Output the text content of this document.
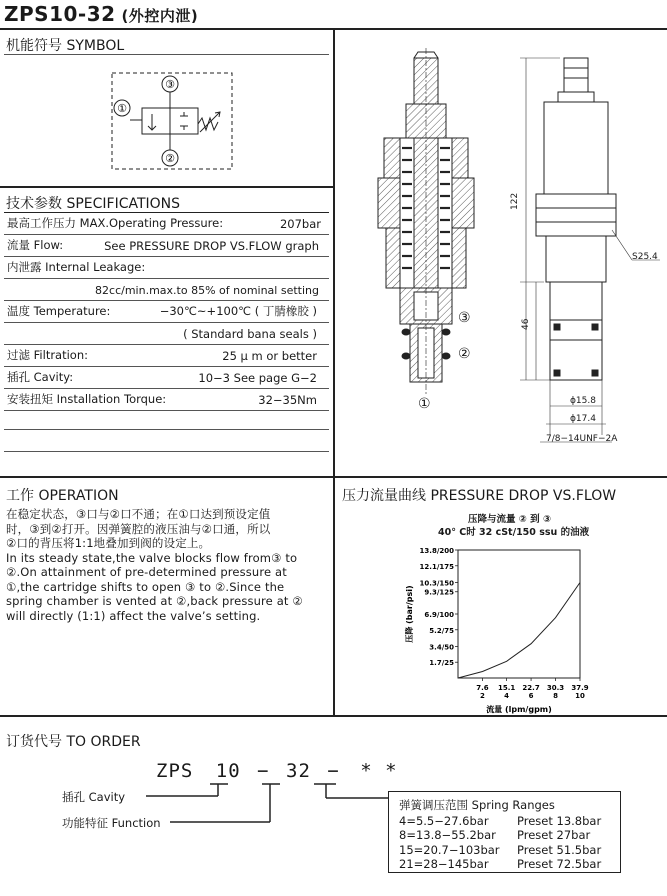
ZPS10-32 (外控内泄)
机能符号 SYMBOL
①
③
②
技术参数 SPECIFICATIONS
最高工作压力 MAX.Operating Pressure:	207bar
流量 Flow:	See PRESSURE DROP VS.FLOW graph
内泄露 Internal Leakage:
82cc/min.max.to 85% of nominal setting
温度 Temperature:	−30℃~+100℃ ( 丁腈橡胶 )
( Standard bana seals )
过滤 Filtration:	25 μ m or better
插孔 Cavity:	10−3 See page G−2
安装扭矩 Installation Torque:	32−35Nm
③
②
①
122
46
S25.4
ϕ15.8
ϕ17.4
7/8−14UNF−2A
工作 OPERATION
在稳定状态，③口与②口不通；在①口达到预设定值
时，③到②打开。因弹簧腔的液压油与②口通，所以
②口的背压将1:1地叠加到阀的设定上。
In its steady state,the valve blocks flow from③ to
②.On attainment of pre-determined pressure at
①,the cartridge shifts to open ③ to ②.Since the
spring chamber is vented at ②,back pressure at ②
will directly (1:1) affect the valve’s setting.
压力流量曲线 PRESSURE DROP VS.FLOW
压降与流量 ② 到 ③
40° C时 32 cSt/150 ssu 的油液
13.8/200
12.1/175
10.3/150
9.3/125
6.9/100
5.2/75
3.4/50
1.7/25
7.6
2
15.1
4
22.7
6
30.3
8
37.9
10
流量 (lpm/gpm)
压降 (bar/psi)
订货代号 TO ORDER
ZPS 10 − 32 − * *
插孔 Cavity
功能特征 Function
弹簧调压范围 Spring Ranges
4=5.5−27.6bar	Preset 13.8bar
8=13.8−55.2bar	Preset 27bar
15=20.7−103bar	Preset 51.5bar
21=28−145bar	Preset 72.5bar
